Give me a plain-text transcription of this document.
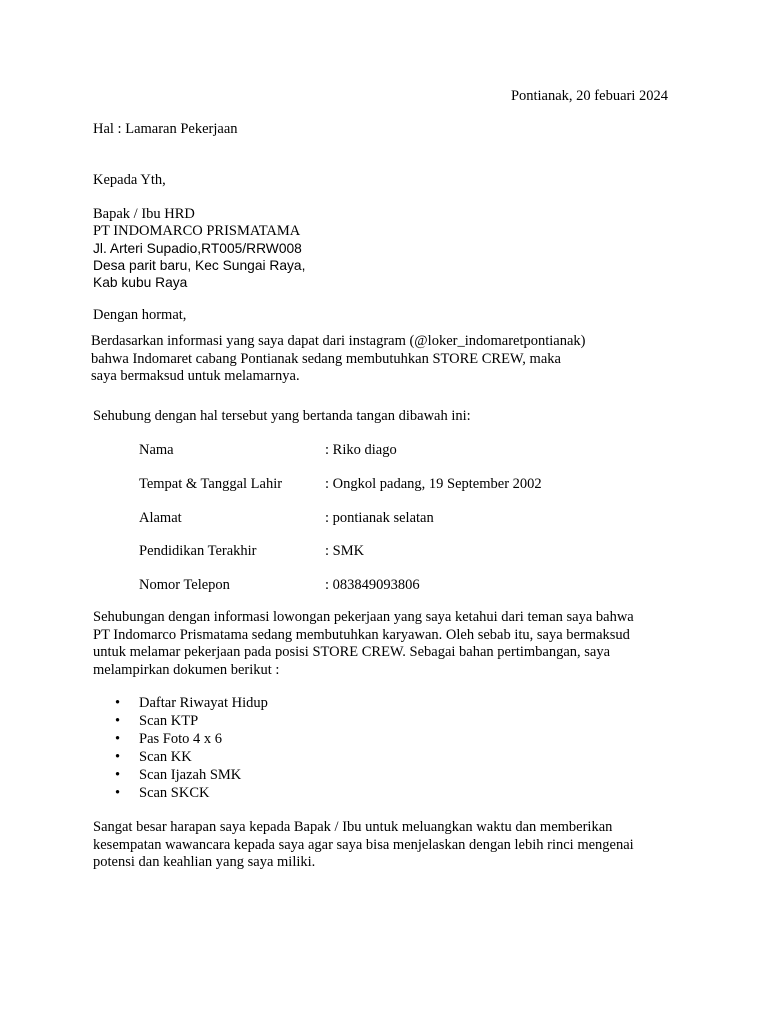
Pontianak, 20 febuari 2024
Hal : Lamaran Pekerjaan
Kepada Yth,
Bapak / Ibu HRD
PT INDOMARCO PRISMATAMA
Jl. Arteri Supadio,RT005/RRW008
Desa parit baru, Kec Sungai Raya,
Kab kubu Raya
Dengan hormat,
Berdasarkan informasi yang saya dapat dari instagram (@loker_indomaretpontianak)
bahwa Indomaret cabang Pontianak sedang membutuhkan STORE CREW, maka
saya bermaksud untuk melamarnya.
Sehubung dengan hal tersebut yang bertanda tangan dibawah ini:
Nama	: Riko diago
Tempat & Tanggal Lahir	: Ongkol padang, 19 September 2002
Alamat	: pontianak selatan
Pendidikan Terakhir	: SMK
Nomor Telepon	: 083849093806
Sehubungan dengan informasi lowongan pekerjaan yang saya ketahui dari teman saya bahwa
PT Indomarco Prismatama sedang membutuhkan karyawan. Oleh sebab itu, saya bermaksud
untuk melamar pekerjaan pada posisi STORE CREW. Sebagai bahan pertimbangan, saya
melampirkan dokumen berikut :
• Daftar Riwayat Hidup
• Scan KTP
• Pas Foto 4 x 6
• Scan KK
• Scan Ijazah SMK
• Scan SKCK
Sangat besar harapan saya kepada Bapak / Ibu untuk meluangkan waktu dan memberikan
kesempatan wawancara kepada saya agar saya bisa menjelaskan dengan lebih rinci mengenai
potensi dan keahlian yang saya miliki.
